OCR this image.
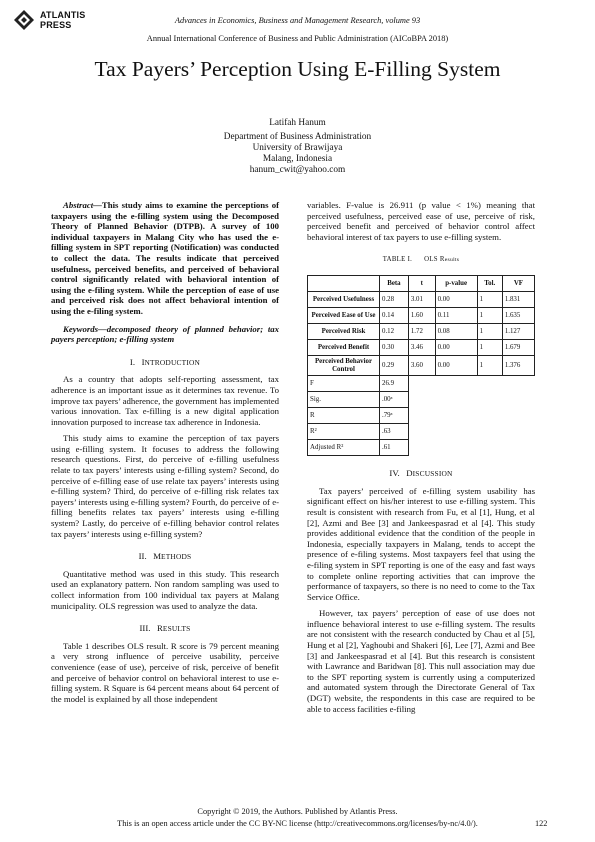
ATLANTIS
PRESS	Advances in Economics, Business and Management Research, volume 93
Annual International Conference of Business and Public Administration (AICoBPA 2018)
Tax Payers’ Perception Using E-Filling System
Latifah Hanum
Department of Business Administration
University of Brawijaya
Malang, Indonesia
hanum_cwit@yahoo.com

Abstract—This study aims to examine the perceptions of taxpayers using the e-filling system using the Decomposed Theory of Planned Behavior (DTPB). A survey of 100 individual taxpayers in Malang City who has used the e-filling system in SPT reporting (Notification) was conducted to collect the data. The results indicate that perceived usefulness, perceived benefits, and perceived of behavioral control significantly related with behavioral intention of using the e-filing system. While the perception of ease of use and perceived risk does not affect behavioral intention of using the e-filing system.

Keywords—decomposed theory of planned behavior; tax payers perception; e-filling system

I. INTRODUCTION

As a country that adopts self-reporting assessment, tax adherence is an important issue as it determines tax revenue. To improve tax payers’ adherence, the government has implemented various innovation. Tax e-filling is a new digital application innovation purposed to increase tax adherence in Indonesia.

This study aims to examine the perception of tax payers using e-filling system. It focuses to address the following research questions. First, do perceive of e-filling usefulness relate to tax payers’ interests using e-filling system? Second, do perceive of e-filling ease of use relate tax payers’ interests using e-filling system? Third, do perceive of e-filling risk relates tax payers’ interests using e-filling system? Fourth, do perceive of e-filling benefits relates tax payers’ interests using e-filling system? Lastly, do perceive of e-filling behavior control relates tax payers’ interests using e-filling system?

II. METHODS

Quantitative method was used in this study. This research used an explanatory pattern. Non random sampling was used to collect information from 100 individual tax payers at Malang municipality. OLS regression was used to analyze the data.

III. RESULTS

Table 1 describes OLS result. R score is 79 percent meaning a very strong influence of perceive usability, perceive convenience (ease of use), perceive of risk, perceive of benefit and perceive of behavior control on behavioral interest to use e-filling system. R Square is 64 percent means about 64 percent of the model is explained by all those independent

variables. F-value is 26.911 (p value < 1%) meaning that perceived usefulness, perceived ease of use, perceive of risk, perceived benefit and perceived of behavior control affect behavioral interest of tax payers to use e-filling system.

TABLE I. OLS Results

	Beta	t	p-value	Tol.	VF
Perceived Usefulness	0.28	3.01	0.00	1	1.831
Perceived Ease of Use	0.14	1.60	0.11	1	1.635
Perceived Risk	0.12	1.72	0.08	1	1.127
Perceived Benefit	0.30	3.46	0.00	1	1.679
Perceived Behavior Control	0.29	3.60	0.00	1	1.376
F	26.9				
Sig.	.00ᵃ				
R	.79ᵃ				
R²	.63				
Adjusted R²	.61				

IV. DISCUSSION

Tax payers’ perceived of e-filling system usability has significant effect on his/her interest to use e-filling system. This result is consistent with research from Fu, et al [1], Hung, et al [2], Azmi and Bee [3] and Jankeespasrad et al [4]. This study provides additional evidence that the condition of the people in Indonesia, especially taxpayers in Malang, tends to accept the presence of e-filing systems. Most taxpayers feel that using the e-filing system in SPT reporting is one of the easy and fast ways to complete online reporting activities that can improve the performance of taxpayers, so there is no need to come to the Tax Service Office.

However, tax payers’ perception of ease of use does not influence behavioral interest to use e-filling system. The results are not consistent with the research conducted by Chau et al [5], Hung et al [2], Yaghoubi and Shakeri [6], Lee [7], Azmi and Bee [3] and Jankeespasrad et al [4]. But this research is consistent with Lawrance and Baridwan [8]. This null association may due to the SPT reporting system is currently using a computerized and automated system through the Directorate General of Tax (DGT) website, the respondents in this case are required to be able to access facilities e-filing

Copyright © 2019, the Authors. Published by Atlantis Press.
This is an open access article under the CC BY-NC license (http://creativecommons.org/licenses/by-nc/4.0/).	122
